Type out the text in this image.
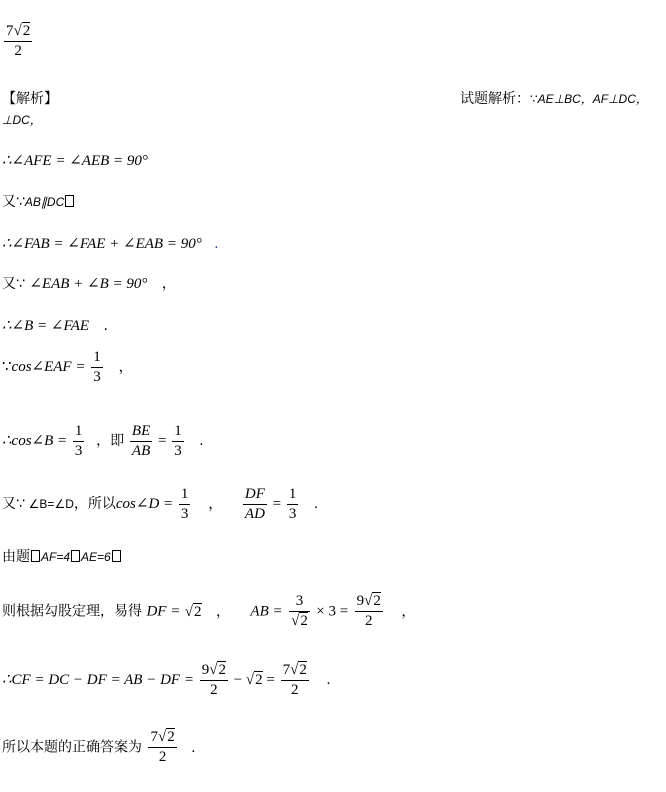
$\frac{7√2}{2}$
【解析】	试题解析：∵AE⊥BC，AF⊥DC，
⊥DC，
∴∠AFE = ∠AEB = 90°
又∵AB∥DC
∴∠FAB = ∠FAE + ∠EAB = 90° .
又∵ ∠EAB + ∠B = 90° ，
∴∠B = ∠FAE .
∵cos∠EAF = $\frac{1}{3}$ ，
∴cos∠B = $\frac{1}{3}$ ，即 $\frac{BE}{AB} = \frac{1}{3}$ .
又∵ ∠B=∠D，所以cos∠D = $\frac{1}{3}$ ， $\frac{DF}{AD} = \frac{1}{3}$ .
由题 AF=4 AE=6
则根据勾股定理，易得 DF = √2 ， AB = $\frac{3}{√2} \times 3 = \frac{9√2}{2}$ ，
∴CF = DC − DF = AB − DF = $\frac{9√2}{2} - √2 = \frac{7√2}{2}$ .
所以本题的正确答案为 $\frac{7√2}{2}$ .
